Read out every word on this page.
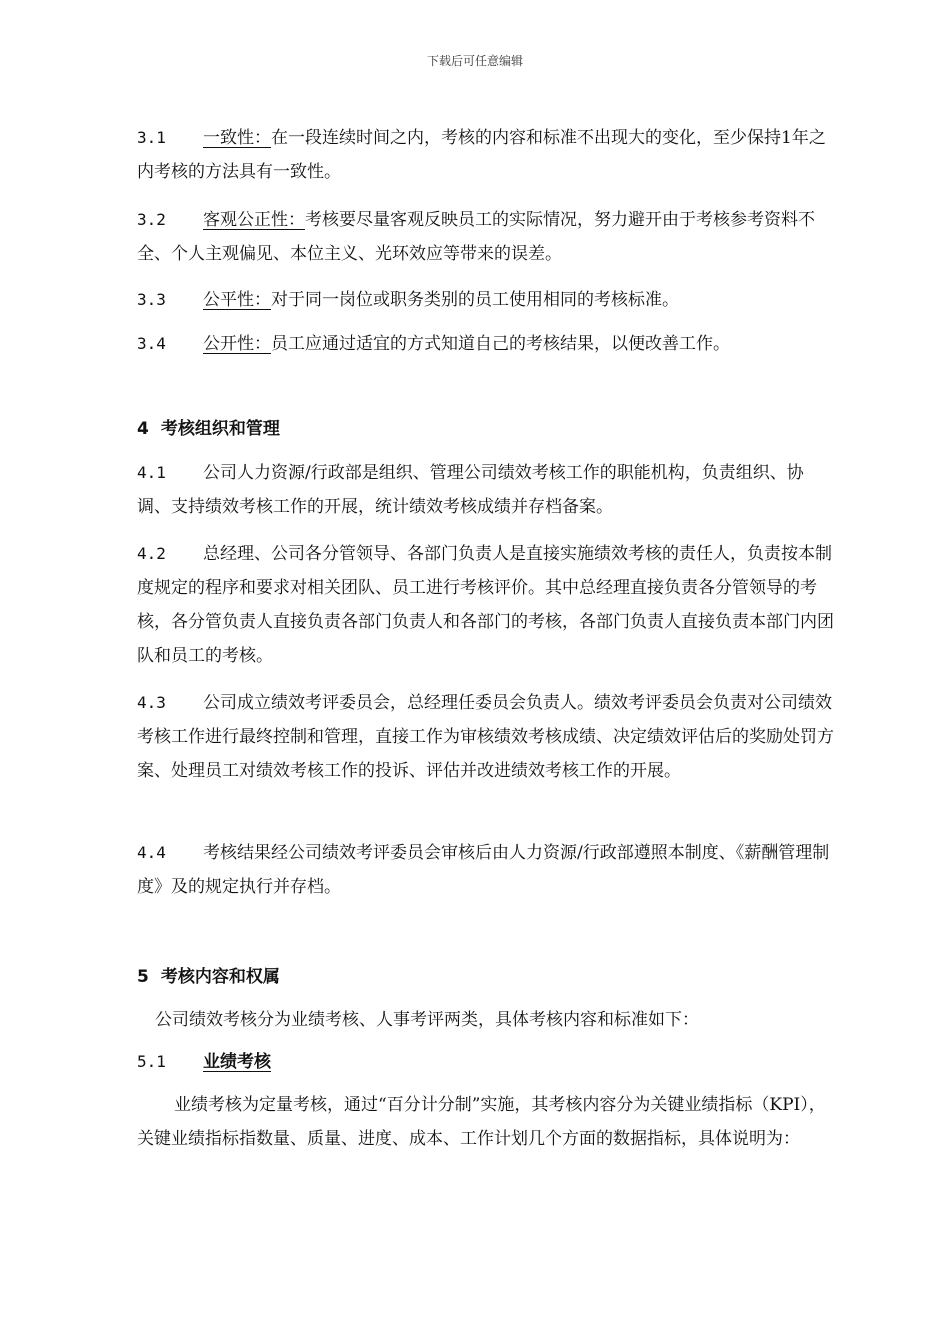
下载后可任意编辑
3.1 一致性：在一段连续时间之内，考核的内容和标准不出现大的变化，至少保持1年之内考核的方法具有一致性。
3.2 客观公正性：考核要尽量客观反映员工的实际情况，努力避开由于考核参考资料不全、个人主观偏见、本位主义、光环效应等带来的误差。
3.3 公平性：对于同一岗位或职务类别的员工使用相同的考核标准。
3.4 公开性：员工应通过适宜的方式知道自己的考核结果，以便改善工作。
4 考核组织和管理
4.1 公司人力资源/行政部是组织、管理公司绩效考核工作的职能机构，负责组织、协调、支持绩效考核工作的开展，统计绩效考核成绩并存档备案。
4.2 总经理、公司各分管领导、各部门负责人是直接实施绩效考核的责任人，负责按本制度规定的程序和要求对相关团队、员工进行考核评价。其中总经理直接负责各分管领导的考核，各分管负责人直接负责各部门负责人和各部门的考核，各部门负责人直接负责本部门内团队和员工的考核。
4.3 公司成立绩效考评委员会，总经理任委员会负责人。绩效考评委员会负责对公司绩效考核工作进行最终控制和管理，直接工作为审核绩效考核成绩、决定绩效评估后的奖励处罚方案、处理员工对绩效考核工作的投诉、评估并改进绩效考核工作的开展。
4.4 考核结果经公司绩效考评委员会审核后由人力资源/行政部遵照本制度、《薪酬管理制度》及的规定执行并存档。
5 考核内容和权属
公司绩效考核分为业绩考核、人事考评两类，具体考核内容和标准如下：
5.1 业绩考核
业绩考核为定量考核，通过“百分计分制”实施，其考核内容分为关键业绩指标（KPI），关键业绩指标指数量、质量、进度、成本、工作计划几个方面的数据指标，具体说明为：
